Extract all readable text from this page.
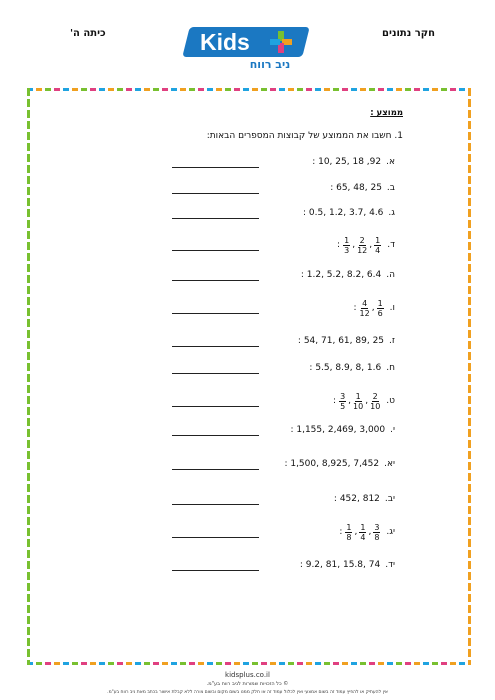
חקר נתונים
כיתה ה'	Kids
ניב רווח
ממוצע :
1. חשבו את הממוצע של קבוצות המספרים הבאות:
א.
92, 18 ,25 ,10 :
ב.
25 ,48 ,65 :
ג.
4.6 ,3.7 ,1.2 ,0.5 :
ד.
: $\frac{1}{3}$ , $\frac{2}{12}$ , $\frac{1}{4}$
ה.
6.4 ,8.2 ,5.2 ,1.2 :
ו.
: $\frac{4}{12}$ , $\frac{1}{6}$
ז.
25 ,89 ,61 ,71 ,54 :
ח.
1.6 ,8 ,8.9 ,5.5 :
ט.
: $\frac{3}{5}$ , $\frac{1}{10}$ , $\frac{2}{10}$
י.
3,000 ,2,469 ,1,155 :
יא.
7,452 ,8,925 ,1,500 :
יב.
812 ,452 :
יג.
: $\frac{1}{8}$ , $\frac{1}{4}$ , $\frac{3}{8}$
יד.
74 ,15.8 ,81 ,9.2 :
kidsplus.co.il
© כל הזכויות שמורות לניב רווח בע"מ.
אין להעתיק או להפיץ עמוד זה בשום אמצעי ואין לכלול עמוד זה או חלק ממנו בשום מקום ובשום צורה ללא קבלת אישור בכתב מאת ניב רווח בע"מ.
